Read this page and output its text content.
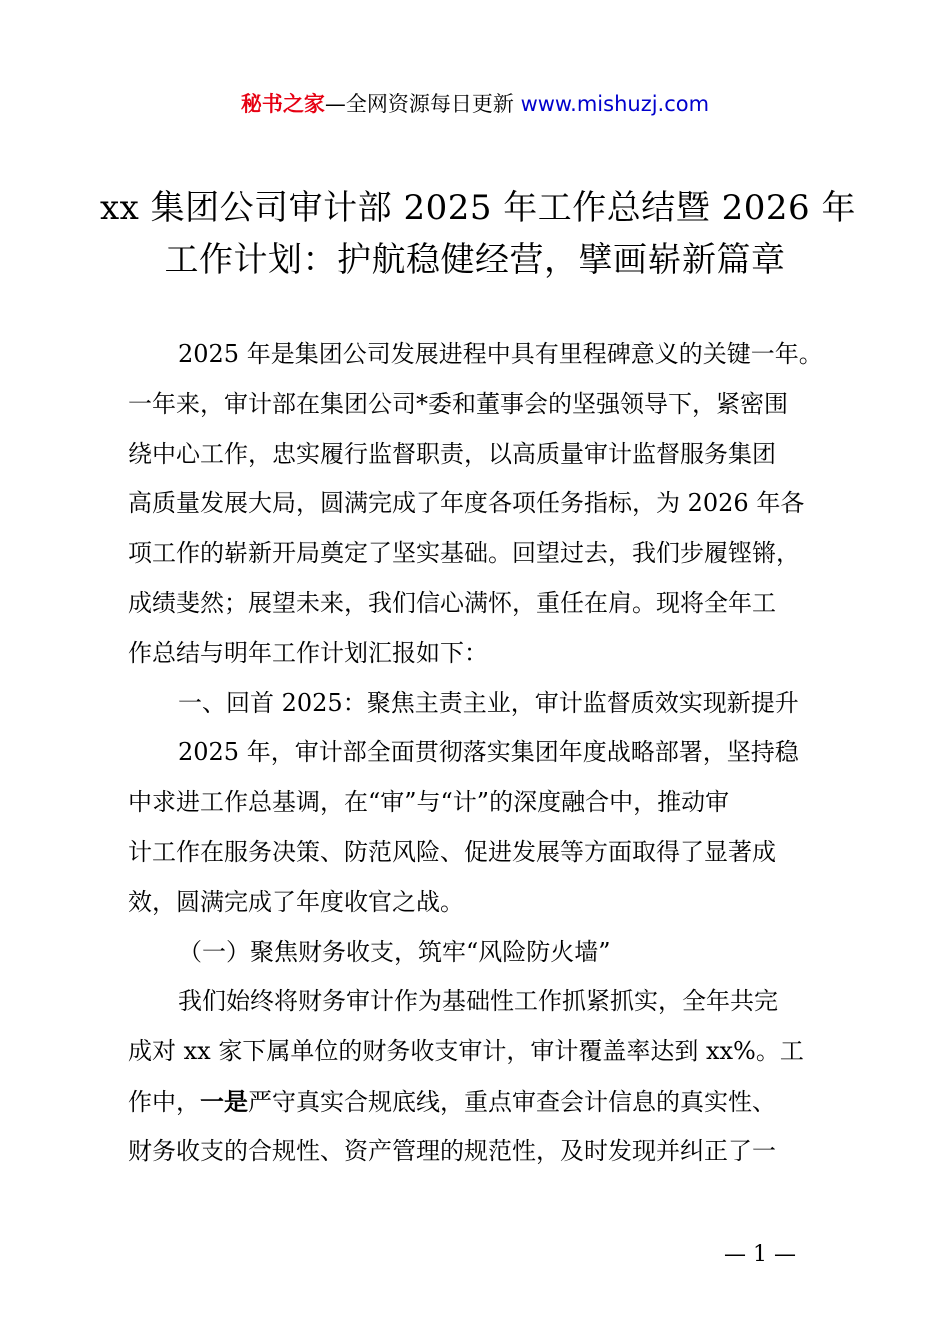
秘书之家—全网资源每日更新 www.mishuzj.com
xx 集团公司审计部 2025 年工作总结暨 2026 年
工作计划：护航稳健经营，擘画崭新篇章
2025 年是集团公司发展进程中具有里程碑意义的关键一年。
一年来，审计部在集团公司*委和董事会的坚强领导下，紧密围
绕中心工作，忠实履行监督职责，以高质量审计监督服务集团
高质量发展大局，圆满完成了年度各项任务指标，为 2026 年各
项工作的崭新开局奠定了坚实基础。回望过去，我们步履铿锵，
成绩斐然；展望未来，我们信心满怀，重任在肩。现将全年工
作总结与明年工作计划汇报如下：
一、回首 2025：聚焦主责主业，审计监督质效实现新提升
2025 年，审计部全面贯彻落实集团年度战略部署，坚持稳
中求进工作总基调，在“审”与“计”的深度融合中，推动审
计工作在服务决策、防范风险、促进发展等方面取得了显著成
效，圆满完成了年度收官之战。
（一）聚焦财务收支，筑牢“风险防火墙”
我们始终将财务审计作为基础性工作抓紧抓实，全年共完
成对 xx 家下属单位的财务收支审计，审计覆盖率达到 xx%。工
作中，一是严守真实合规底线，重点审查会计信息的真实性、
财务收支的合规性、资产管理的规范性，及时发现并纠正了一
— 1 —
